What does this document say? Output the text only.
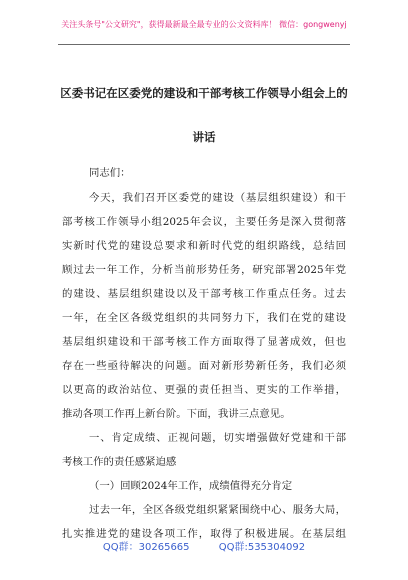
关注头条号"公文研究"，获得最新最全最专业的公文资料库！ 微信：gongwenyj
区委书记在区委党的建设和干部考核工作领导小组会上的
讲话
同志们：
今天，我们召开区委党的建设（基层组织建设）和干
部考核工作领导小组2025年会议，主要任务是深入贯彻落
实新时代党的建设总要求和新时代党的组织路线，总结回
顾过去一年工作，分析当前形势任务，研究部署2025年党
的建设、基层组织建设以及干部考核工作重点任务。过去
一年，在全区各级党组织的共同努力下，我们在党的建设
基层组织建设和干部考核工作方面取得了显著成效，但也
存在一些亟待解决的问题。面对新形势新任务，我们必须
以更高的政治站位、更强的责任担当、更实的工作举措，
推动各项工作再上新台阶。下面，我讲三点意见。
一、肯定成绩、正视问题，切实增强做好党建和干部
考核工作的责任感紧迫感
（一）回顾2024年工作，成绩值得充分肯定
过去一年，全区各级党组织紧紧围绕中心、服务大局，
扎实推进党的建设各项工作，取得了积极进展。在基层组
QQ群：30265665	QQ群:535304092
